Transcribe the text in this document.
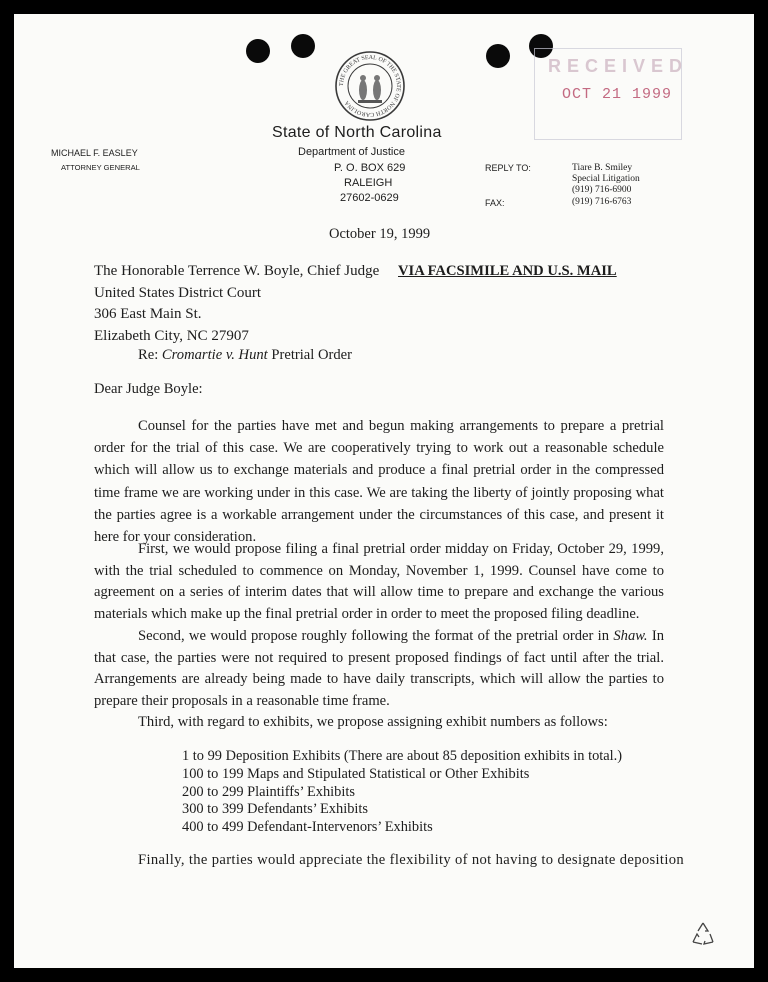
THE GREAT SEAL OF THE STATE OF NORTH CAROLINA
RECEIVED
OCT 21 1999
State of North Carolina
Department of Justice
P. O. BOX 629
RALEIGH
27602-0629
MICHAEL F. EASLEY
ATTORNEY GENERAL	REPLY TO:
FAX:
Tiare B. Smiley
Special Litigation
(919) 716-6900
(919) 716-6763
October 19, 1999
The Honorable Terrence W. Boyle, Chief Judge
United States District Court
306 East Main St.
Elizabeth City, NC 27907
VIA FACSIMILE AND U.S. MAIL
Re: Cromartie v. Hunt Pretrial Order
Dear Judge Boyle:
Counsel for the parties have met and begun making arrangements to prepare a pretrial order for the trial of this case. We are cooperatively trying to work out a reasonable schedule which will allow us to exchange materials and produce a final pretrial order in the compressed time frame we are working under in this case. We are taking the liberty of jointly proposing what the parties agree is a workable arrangement under the circumstances of this case, and present it here for your consideration.
First, we would propose filing a final pretrial order midday on Friday, October 29, 1999, with the trial scheduled to commence on Monday, November 1, 1999. Counsel have come to agreement on a series of interim dates that will allow time to prepare and exchange the various materials which make up the final pretrial order in order to meet the proposed filing deadline.
Second, we would propose roughly following the format of the pretrial order in Shaw. In that case, the parties were not required to present proposed findings of fact until after the trial. Arrangements are already being made to have daily transcripts, which will allow the parties to prepare their proposals in a reasonable time frame.
Third, with regard to exhibits, we propose assigning exhibit numbers as follows:
1 to 99 Deposition Exhibits (There are about 85 deposition exhibits in total.)
100 to 199 Maps and Stipulated Statistical or Other Exhibits
200 to 299 Plaintiffs’ Exhibits
300 to 399 Defendants’ Exhibits
400 to 499 Defendant-Intervenors’ Exhibits
Finally, the parties would appreciate the flexibility of not having to designate deposition
